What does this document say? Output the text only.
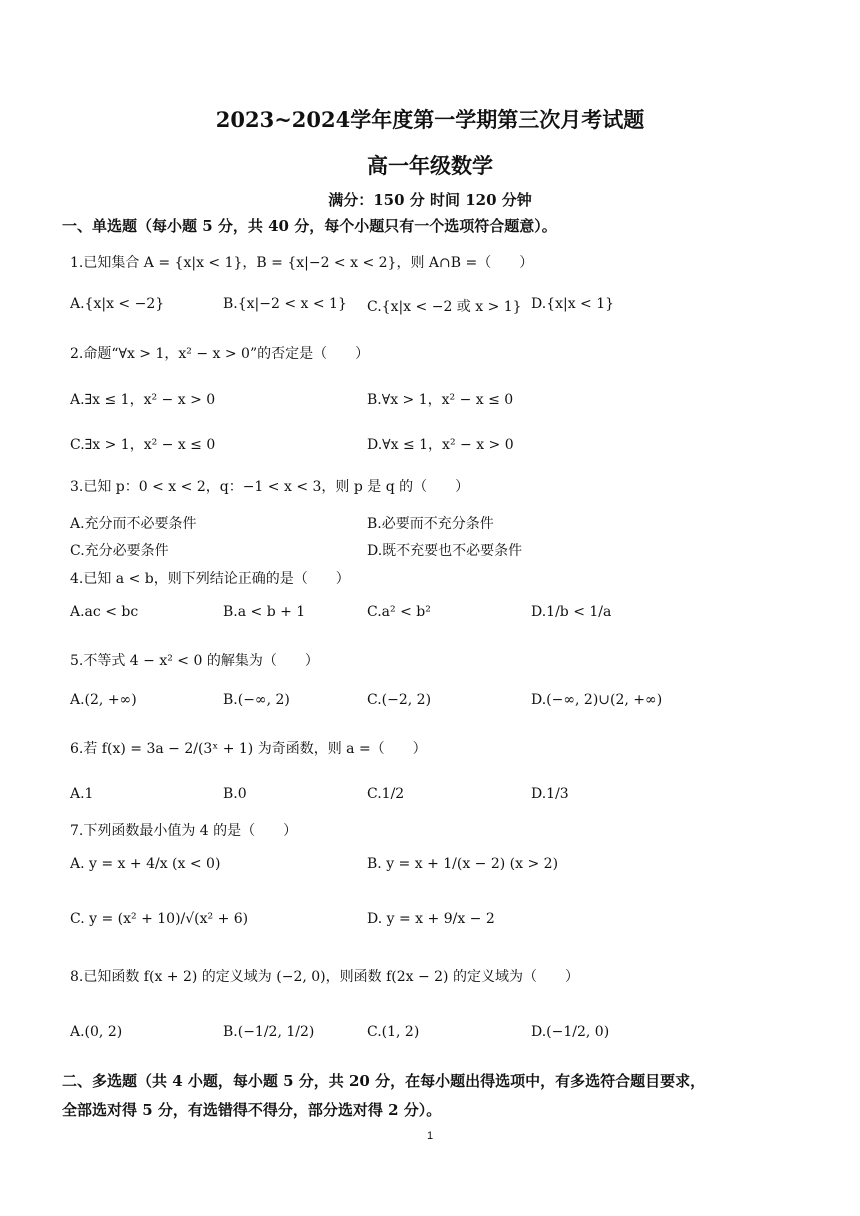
2023~2024学年度第一学期第三次月考试题
高一年级数学
满分：150 分 时间 120 分钟
一、单选题（每小题 5 分，共 40 分，每个小题只有一个选项符合题意）。
1.已知集合 A = {x|x < 1}，B = {x|−2 < x < 2}，则 A∩B =（　　）
A.{x|x < −2}	B.{x|−2 < x < 1} C.{x|x < −2 或 x > 1} D.{x|x < 1}
2.命题“∀x > 1，x² − x > 0”的否定是（　　）
A.∃x ≤ 1，x² − x > 0	B.∀x > 1，x² − x ≤ 0
C.∃x > 1，x² − x ≤ 0	D.∀x ≤ 1，x² − x > 0
3.已知 p：0 < x < 2，q：−1 < x < 3，则 p 是 q 的（　　）
A.充分而不必要条件	B.必要而不充分条件
C.充分必要条件	D.既不充要也不必要条件
4.已知 a < b，则下列结论正确的是（　　）
A.ac < bc	B.a < b + 1	C.a² < b²	D.1/b < 1/a
5.不等式 4 − x² < 0 的解集为（　　）
A.(2, +∞)	B.(−∞, 2)	C.(−2, 2)	D.(−∞, 2)∪(2, +∞)
6.若 f(x) = 3a − 2/(3ˣ + 1) 为奇函数，则 a =（　　）
A.1	B.0	C.1/2	D.1/3
7.下列函数最小值为 4 的是（　　）
A. y = x + 4/x (x < 0)	B. y = x + 1/(x − 2) (x > 2)
C. y = (x² + 10)/√(x² + 6)	D. y = x + 9/x − 2
8.已知函数 f(x + 2) 的定义域为 (−2, 0)，则函数 f(2x − 2) 的定义域为（　　）
A.(0, 2)	B.(−1/2, 1/2)	C.(1, 2)	D.(−1/2, 0)
二、多选题（共 4 小题，每小题 5 分，共 20 分，在每小题出得选项中，有多选符合题目要求，
全部选对得 5 分，有选错得不得分，部分选对得 2 分）。
1
